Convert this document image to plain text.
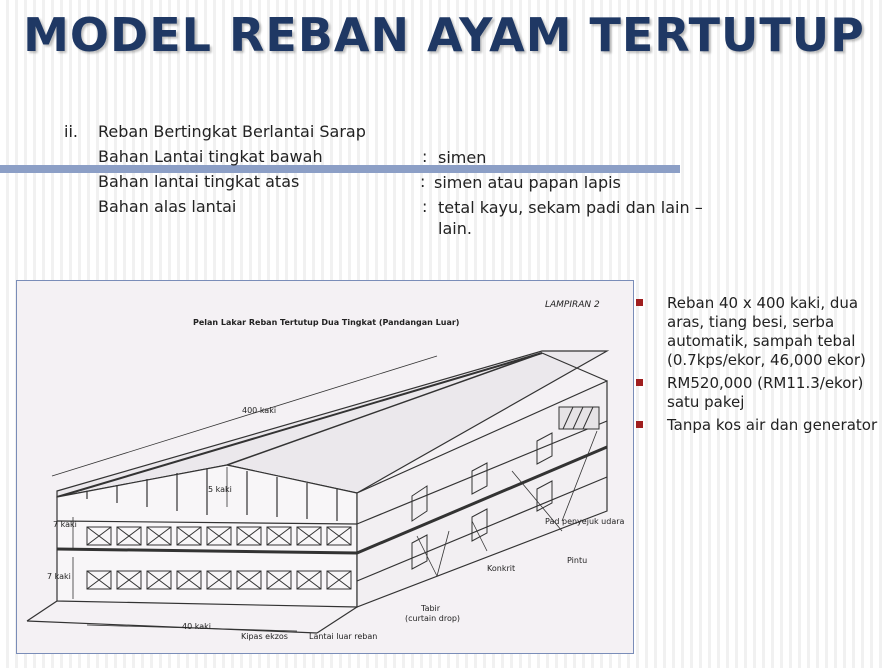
MODEL REBAN AYAM TERTUTUP
ii. Reban Bertingkat Berlantai Sarap
Bahan Lantai tingkat bawah	: simen
Bahan lantai tingkat atas	: simen atau papan lapis
Bahan alas lantai	: tetal kayu, sekam padi dan lain – lain.
LAMPIRAN 2
Pelan Lakar Reban Tertutup Dua Tingkat (Pandangan Luar)
400 kaki
5 kaki
7 kaki
7 kaki
40 kaki
Pad penyejuk udara
Pintu
Konkrit
Tabir
(curtain drop)
Kipas ekzos	Lantai luar reban
Reban 40 x 400 kaki, dua aras, tiang besi, serba automatik, sampah tebal (0.7kps/ekor, 46,000 ekor)
RM520,000 (RM11.3/ekor) satu pakej
Tanpa kos air dan generator
